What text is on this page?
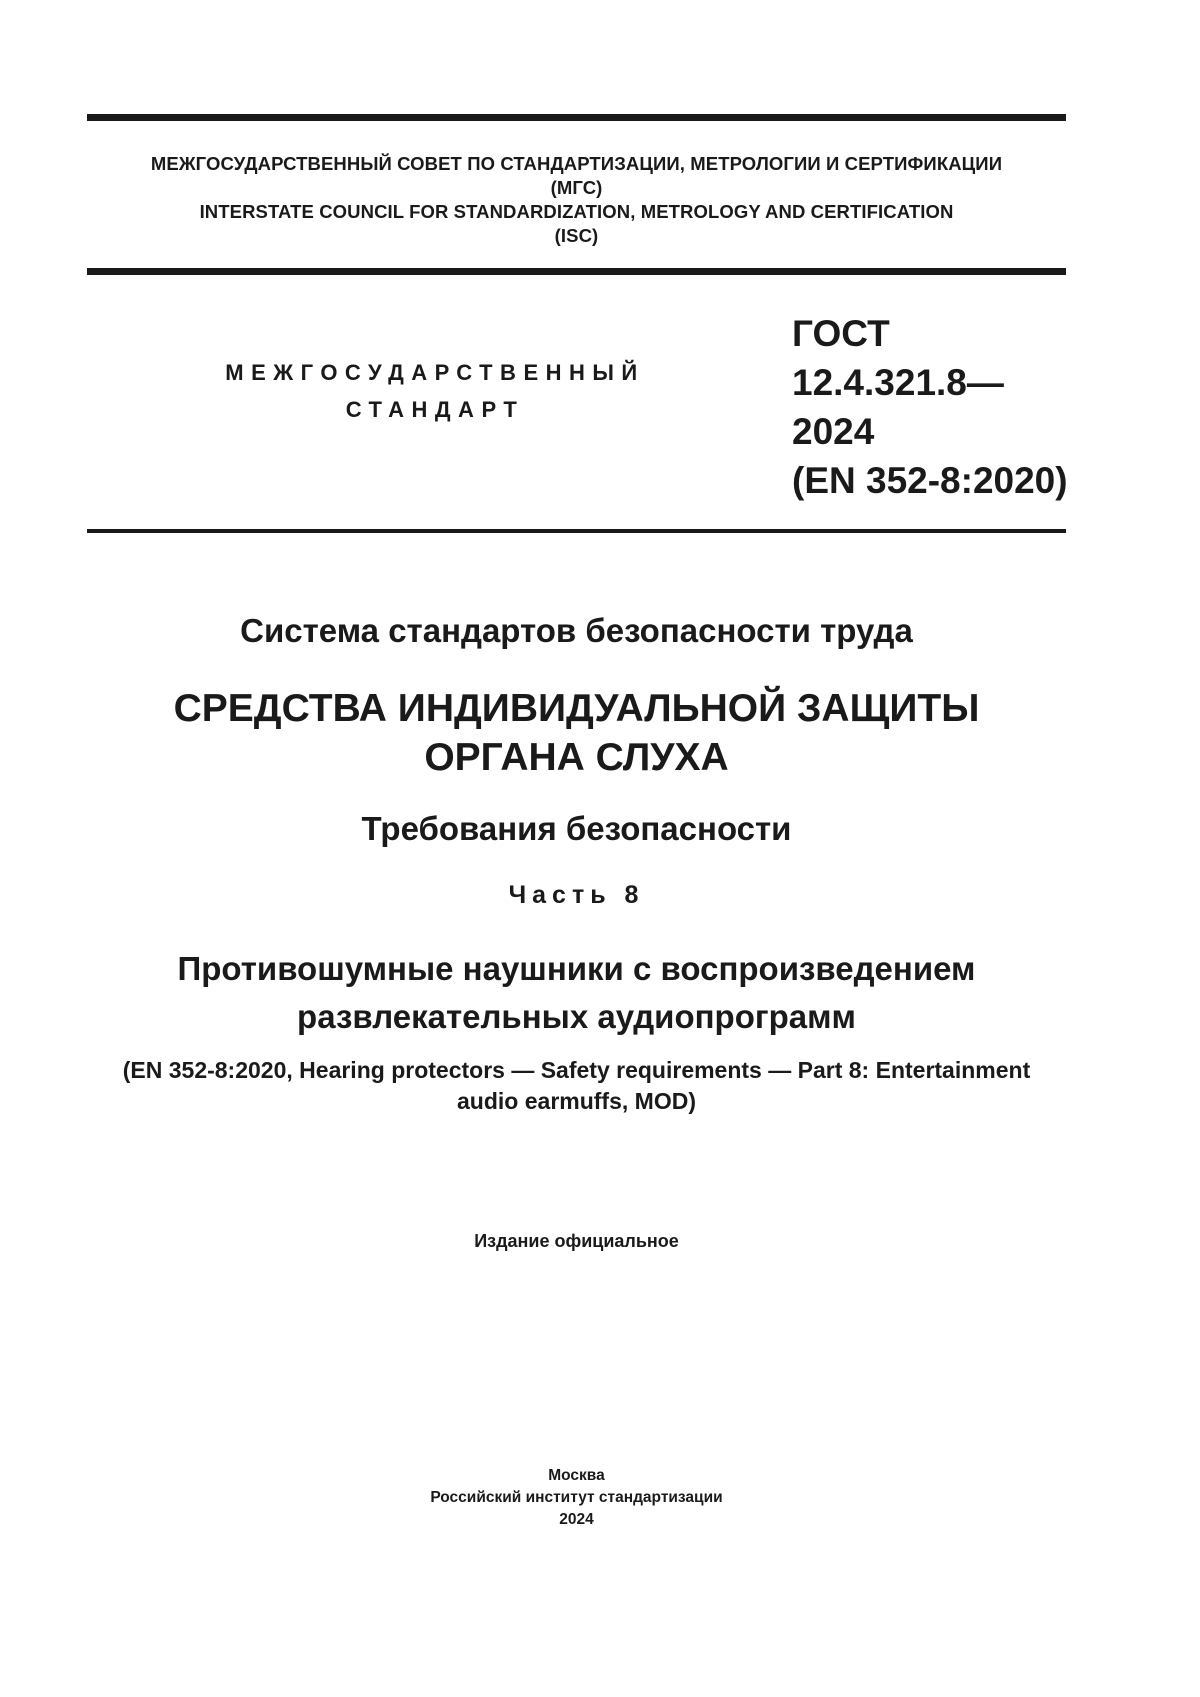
МЕЖГОСУДАРСТВЕННЫЙ СОВЕТ ПО СТАНДАРТИЗАЦИИ, МЕТРОЛОГИИ И СЕРТИФИКАЦИИ
(МГС)
INTERSTATE COUNCIL FOR STANDARDIZATION, METROLOGY AND CERTIFICATION
(ISC)
МЕЖГОСУДАРСТВЕННЫЙ
СТАНДАРТ
ГОСТ
12.4.321.8—
2024
(EN 352-8:2020)
Система стандартов безопасности труда
СРЕДСТВА ИНДИВИДУАЛЬНОЙ ЗАЩИТЫ
ОРГАНА СЛУХА
Требования безопасности
Часть 8
Противошумные наушники с воспроизведением
развлекательных аудиопрограмм
(EN 352-8:2020, Hearing protectors — Safety requirements — Part 8: Entertainment
audio earmuffs, MOD)
Издание официальное
Москва
Российский институт стандартизации
2024
